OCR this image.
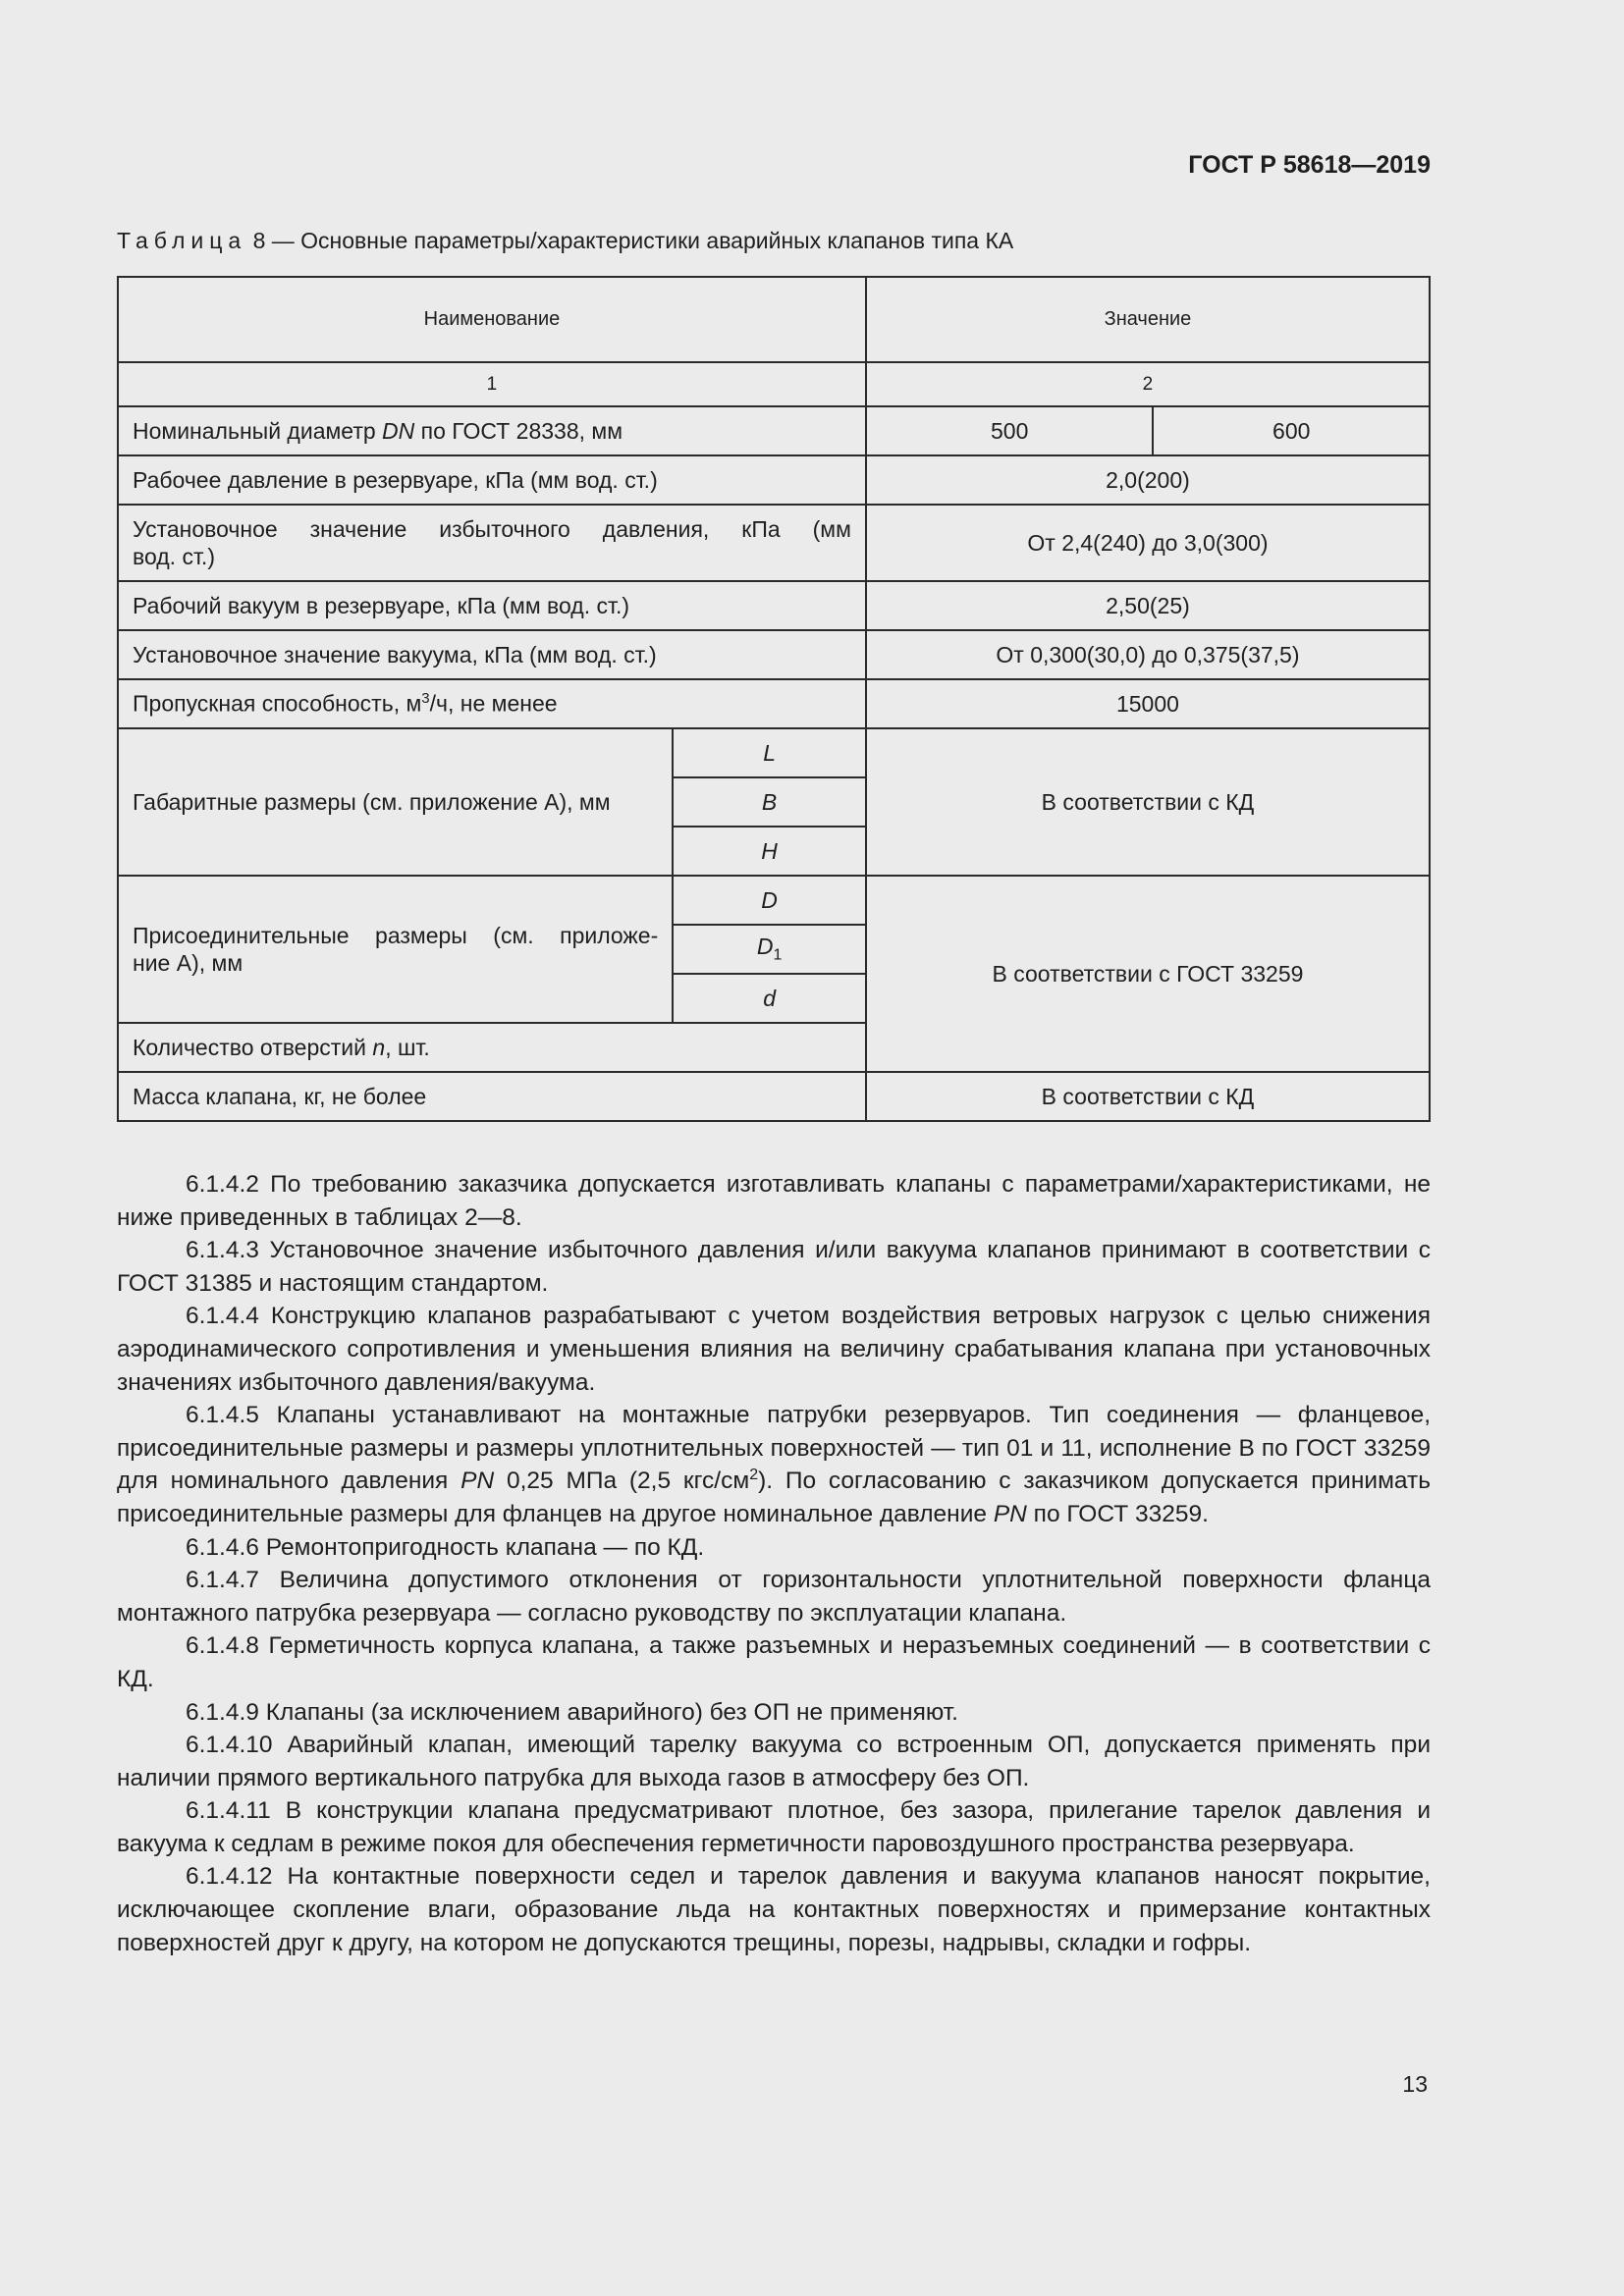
ГОСТ Р 58618—2019
Таблица 8 — Основные параметры/характеристики аварийных клапанов типа КА
Наименование		Значение	
1		2	
Номинальный диаметр DN по ГОСТ 28338, мм		500	600
Рабочее давление в резервуаре, кПа (мм вод. ст.)		2,0(200)	

Установочное значение избыточного давления, кПа (мм
вод. ст.)		От 2,4(240) до 3,0(300)	
Рабочий вакуум в резервуаре, кПа (мм вод. ст.)		2,50(25)	
Установочное значение вакуума, кПа (мм вод. ст.)		От 0,300(30,0) до 0,375(37,5)	
Пропускная способность, $м^3/ч$, не менее		15000	
Габаритные размеры (см. приложение А), мм	L	В соответствии с КД	
	B		
	H		

Присоединительные размеры (см. приложе-
ние А), мм	D	В соответствии с ГОСТ 33259	
	$D_1$
	d		
Количество отверстий n, шт.			
Масса клапана, кг, не более		В соответствии с КД	

6.1.4.2 По требованию заказчика допускается изготавливать клапаны с параметрами/характеристиками, не ниже приведенных в таблицах 2—8.

6.1.4.3 Установочное значение избыточного давления и/или вакуума клапанов принимают в соответствии с ГОСТ 31385 и настоящим стандартом.

6.1.4.4 Конструкцию клапанов разрабатывают с учетом воздействия ветровых нагрузок с целью снижения аэродинамического сопротивления и уменьшения влияния на величину срабатывания клапана при установочных значениях избыточного давления/вакуума.

6.1.4.5 Клапаны устанавливают на монтажные патрубки резервуаров. Тип соединения — фланцевое, присоединительные размеры и размеры уплотнительных поверхностей — тип 01 и 11, исполнение В по ГОСТ 33259 для номинального давления PN 0,25 МПа (2,5 кгс/$см^2$). По согласованию с заказчиком допускается принимать присоединительные размеры для фланцев на другое номинальное давление PN по ГОСТ 33259.

6.1.4.6 Ремонтопригодность клапана — по КД.

6.1.4.7 Величина допустимого отклонения от горизонтальности уплотнительной поверхности фланца монтажного патрубка резервуара — согласно руководству по эксплуатации клапана.

6.1.4.8 Герметичность корпуса клапана, а также разъемных и неразъемных соединений — в соответствии с КД.

6.1.4.9 Клапаны (за исключением аварийного) без ОП не применяют.

6.1.4.10 Аварийный клапан, имеющий тарелку вакуума со встроенным ОП, допускается применять при наличии прямого вертикального патрубка для выхода газов в атмосферу без ОП.

6.1.4.11 В конструкции клапана предусматривают плотное, без зазора, прилегание тарелок давления и вакуума к седлам в режиме покоя для обеспечения герметичности паровоздушного пространства резервуара.

6.1.4.12 На контактные поверхности седел и тарелок давления и вакуума клапанов наносят покрытие, исключающее скопление влаги, образование льда на контактных поверхностях и примерзание контактных поверхностей друг к другу, на котором не допускаются трещины, порезы, надрывы, складки и гофры.

13
